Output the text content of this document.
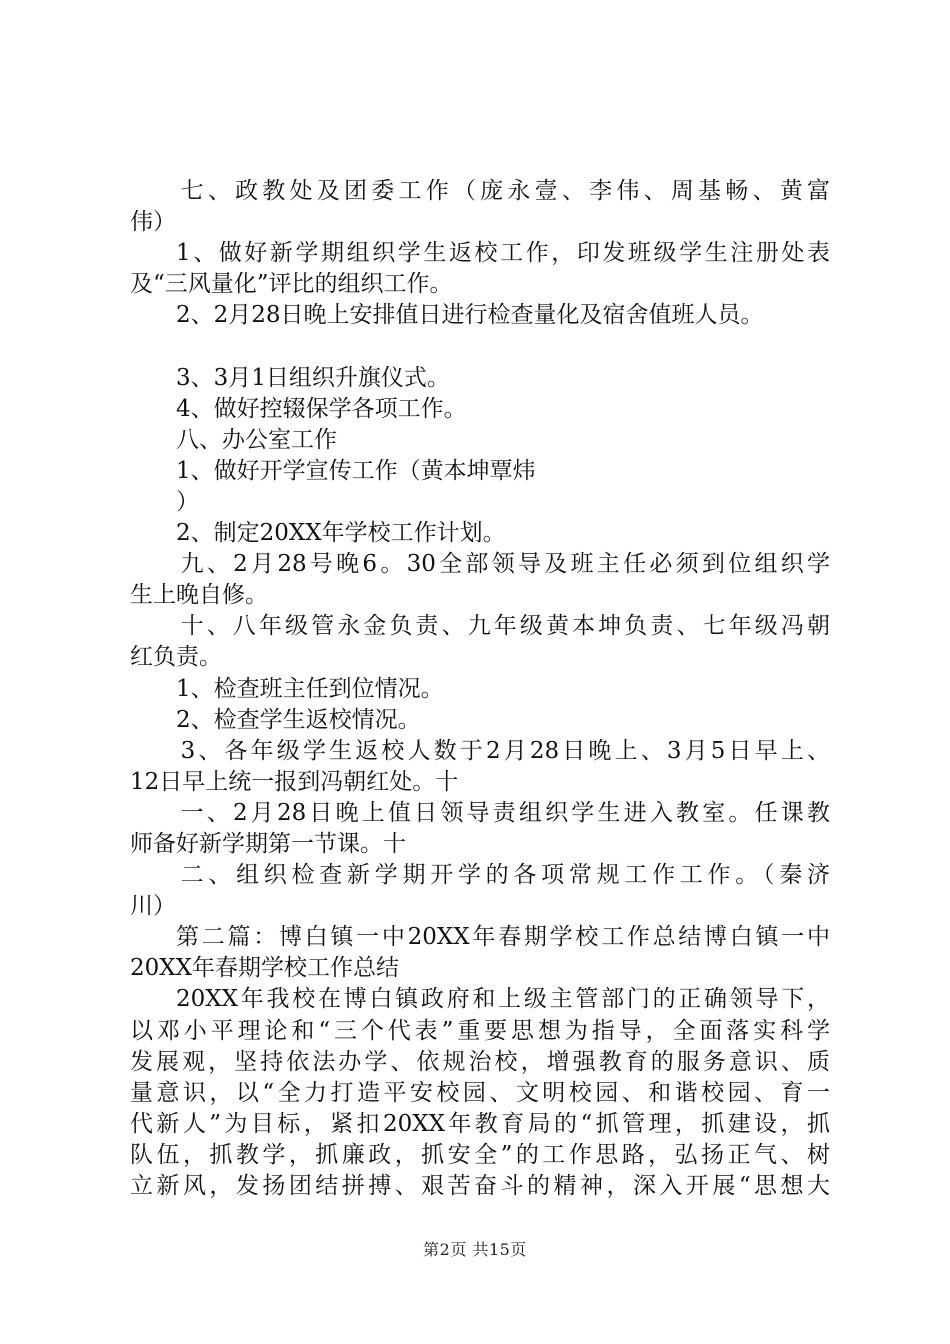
七、政教处及团委工作（庞永壹、李伟、周基畅、黄富
伟）
1、做好新学期组织学生返校工作，印发班级学生注册处表
及“三风量化”评比的组织工作。
2、2月28日晚上安排值日进行检查量化及宿舍值班人员。
3、3月1日组织升旗仪式。
4、做好控辍保学各项工作。
八、办公室工作
1、做好开学宣传工作（黄本坤覃炜
）
2、制定20XX年学校工作计划。
九、2月28号晚6。30全部领导及班主任必须到位组织学
生上晚自修。
十、八年级管永金负责、九年级黄本坤负责、七年级冯朝
红负责。
1、检查班主任到位情况。
2、检查学生返校情况。
3、各年级学生返校人数于2月28日晚上、3月5日早上、
12日早上统一报到冯朝红处。十
一、2月28日晚上值日领导责组织学生进入教室。任课教
师备好新学期第一节课。十
二、组织检查新学期开学的各项常规工作工作。（秦济
川）
第二篇：博白镇一中20XX年春期学校工作总结博白镇一中
20XX年春期学校工作总结
20XX年我校在博白镇政府和上级主管部门的正确领导下，
以邓小平理论和“三个代表”重要思想为指导，全面落实科学
发展观，坚持依法办学、依规治校，增强教育的服务意识、质
量意识，以“全力打造平安校园、文明校园、和谐校园、育一
代新人”为目标，紧扣20XX年教育局的“抓管理，抓建设，抓
队伍，抓教学，抓廉政，抓安全”的工作思路，弘扬正气、树
立新风，发扬团结拼搏、艰苦奋斗的精神，深入开展“思想大
第2页 共15页
